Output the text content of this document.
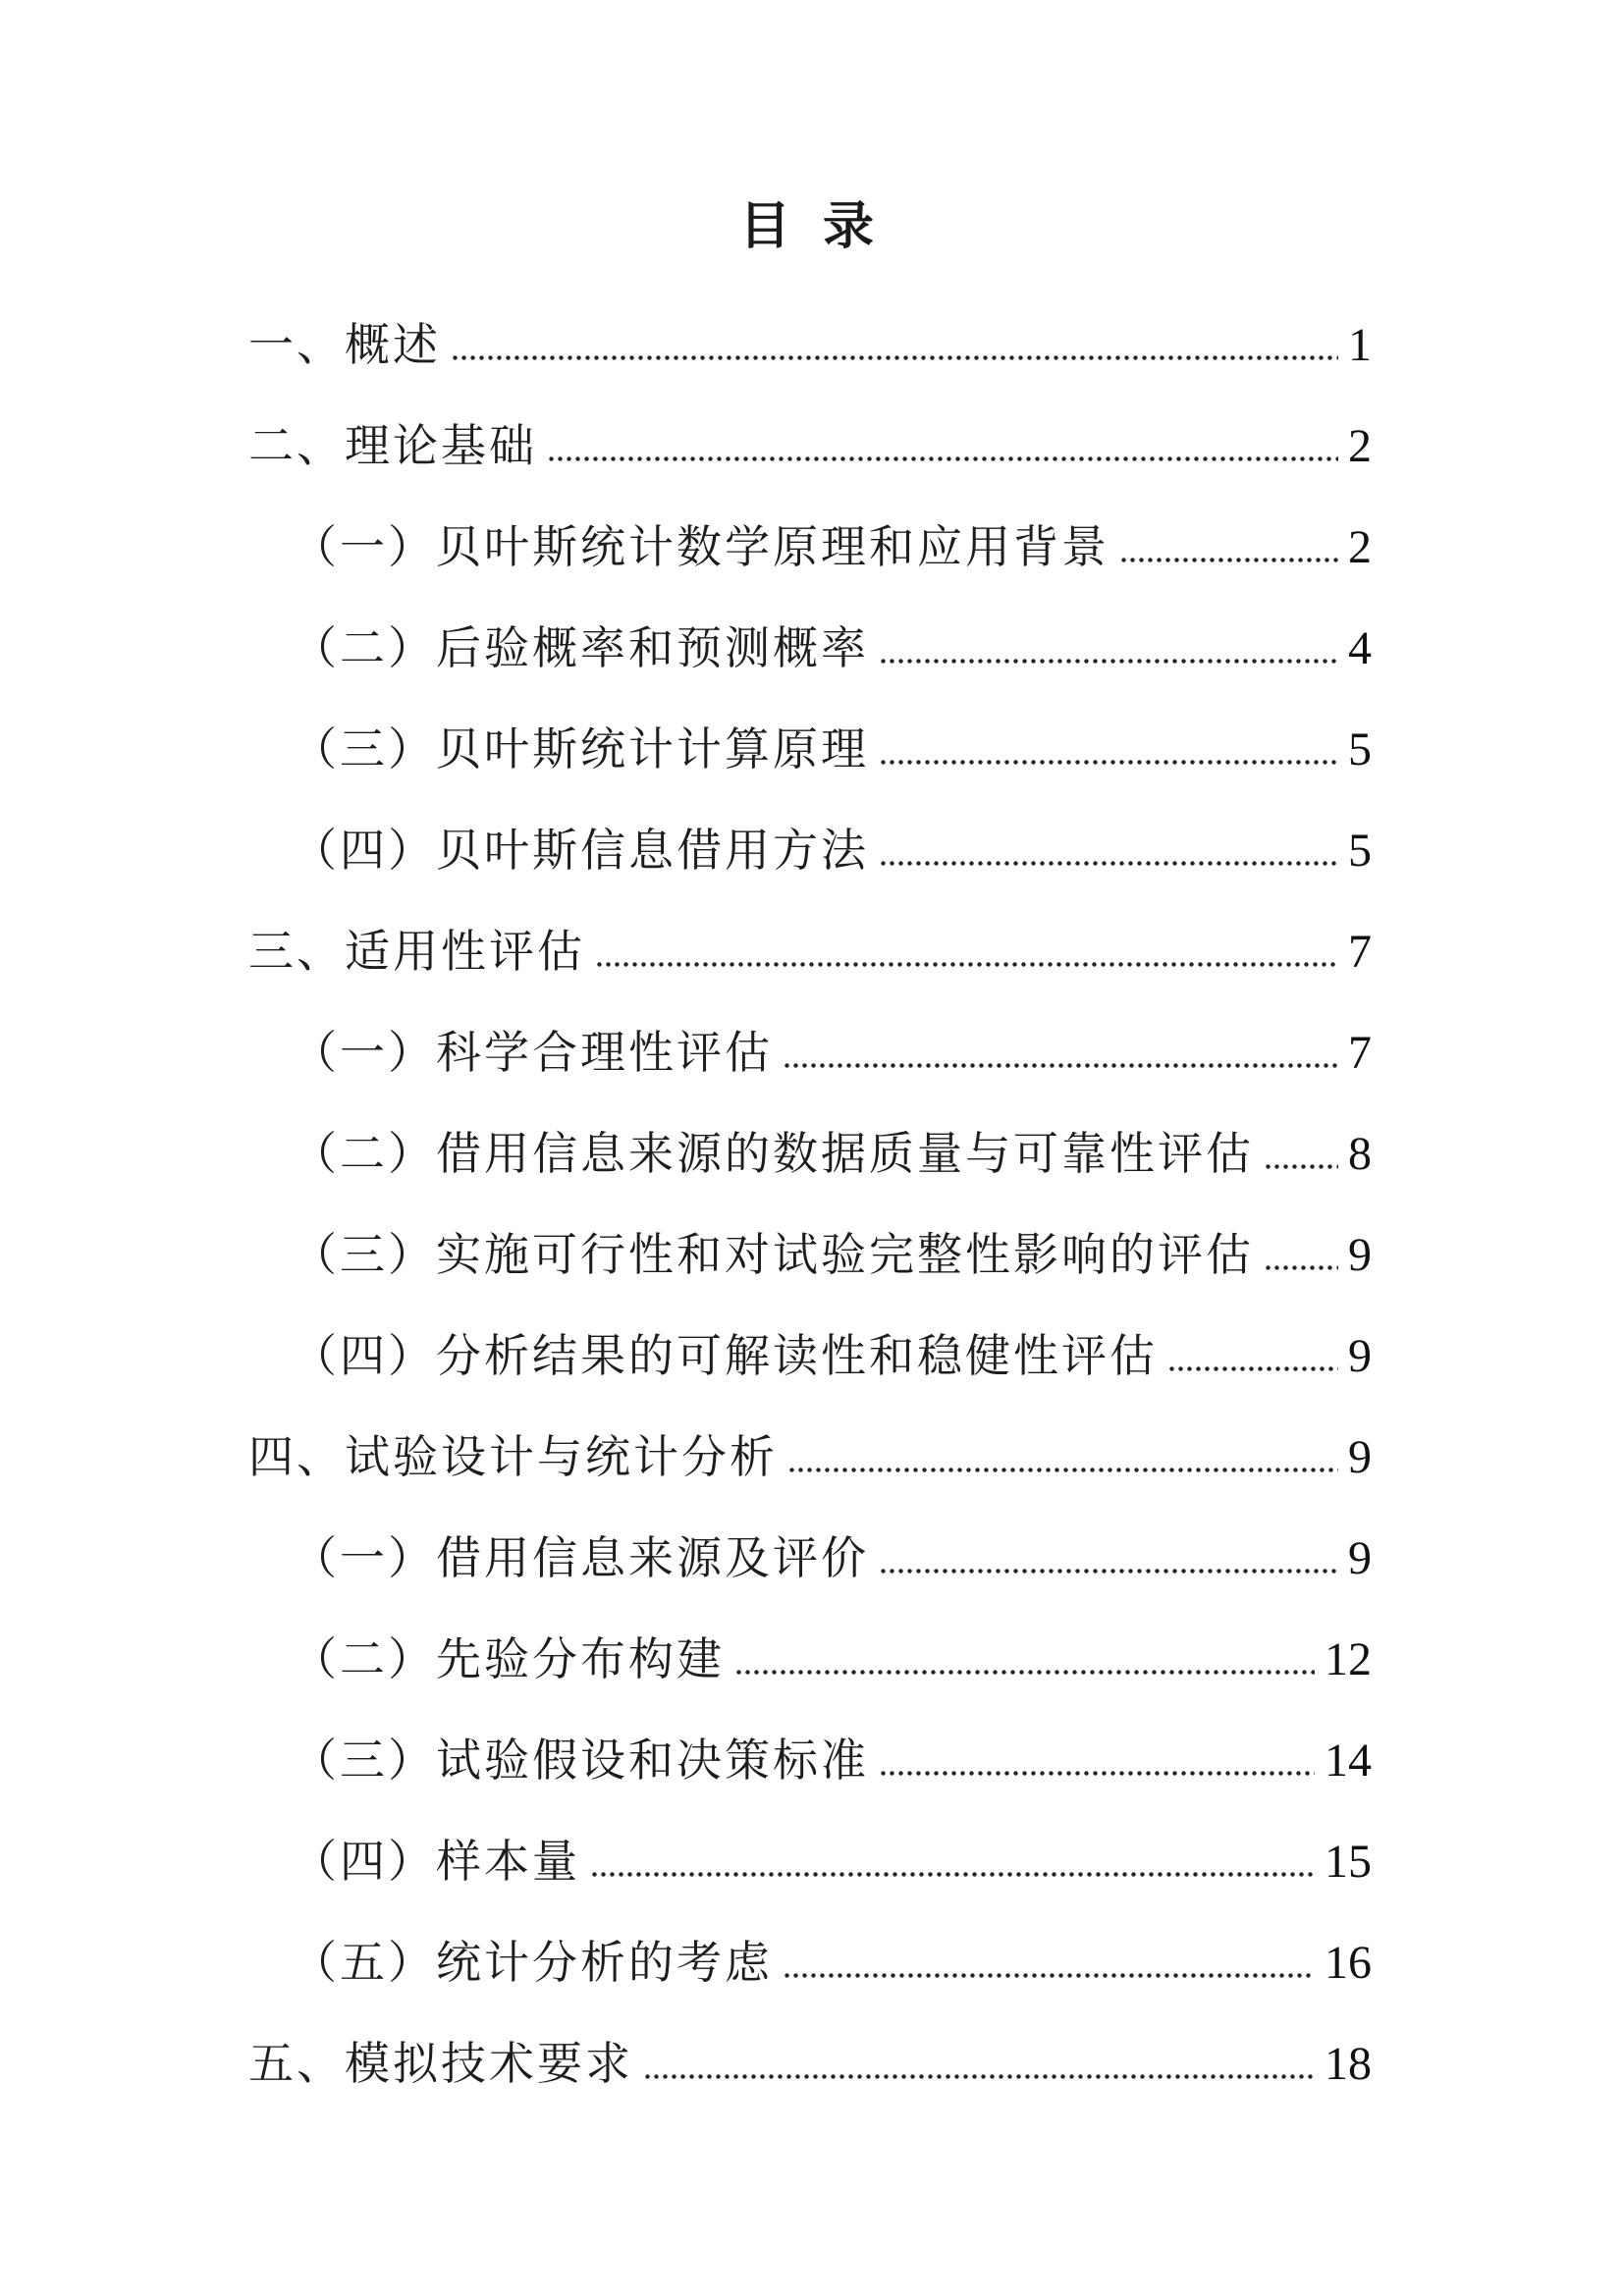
目 录
一、概述	1
二、理论基础	2
（一）贝叶斯统计数学原理和应用背景	2
（二）后验概率和预测概率	4
（三）贝叶斯统计计算原理	5
（四）贝叶斯信息借用方法	5
三、适用性评估	7
（一）科学合理性评估	7
（二）借用信息来源的数据质量与可靠性评估 8
（三）实施可行性和对试验完整性影响的评估 9
（四）分析结果的可解读性和稳健性评估	9
四、试验设计与统计分析	9
（一）借用信息来源及评价	9
（二）先验分布构建	12
（三）试验假设和决策标准	14
（四）样本量	15
（五）统计分析的考虑	16
五、模拟技术要求	18
